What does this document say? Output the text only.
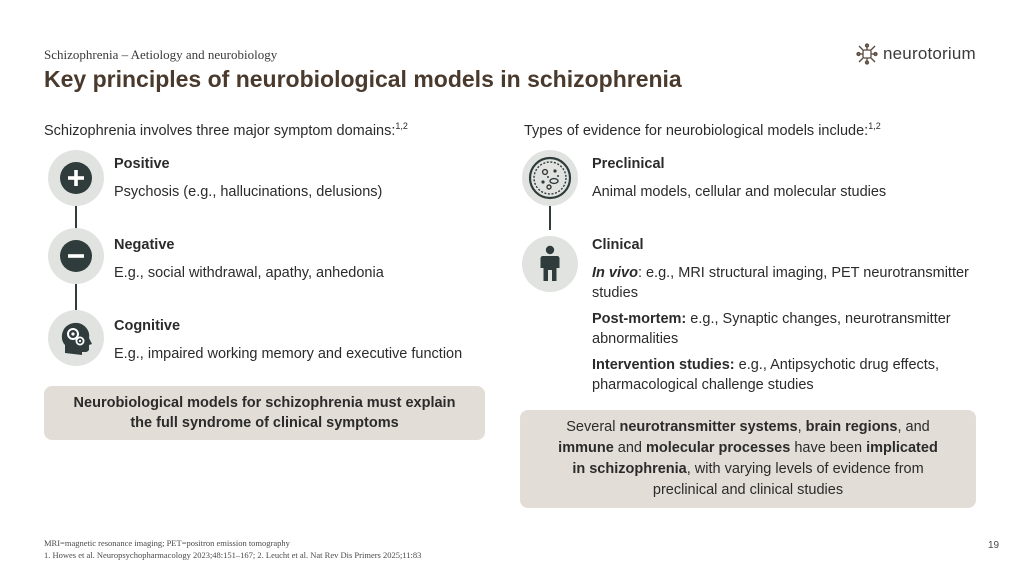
Schizophrenia – Aetiology and neurobiology
Key principles of neurobiological models in schizophrenia
neurotorium
Schizophrenia involves three major symptom domains:$^{1,2}$
Positive
Psychosis (e.g., hallucinations, delusions)
Negative
E.g., social withdrawal, apathy, anhedonia
Cognitive
E.g., impaired working memory and executive function
Neurobiological models for schizophrenia must explain the full syndrome of clinical symptoms
Types of evidence for neurobiological models include:$^{1,2}$
Preclinical
Animal models, cellular and molecular studies
Clinical
In vivo: e.g., MRI structural imaging, PET neurotransmitter studies
Post-mortem: e.g., Synaptic changes, neurotransmitter abnormalities
Intervention studies: e.g., Antipsychotic drug effects, pharmacological challenge studies
Several neurotransmitter systems, brain regions, and immune and molecular processes have been implicated in schizophrenia, with varying levels of evidence from preclinical and clinical studies
MRI=magnetic resonance imaging; PET=positron emission tomography
1. Howes et al. Neuropsychopharmacology 2023;48:151–167; 2. Leucht et al. Nat Rev Dis Primers 2025;11:83
19
